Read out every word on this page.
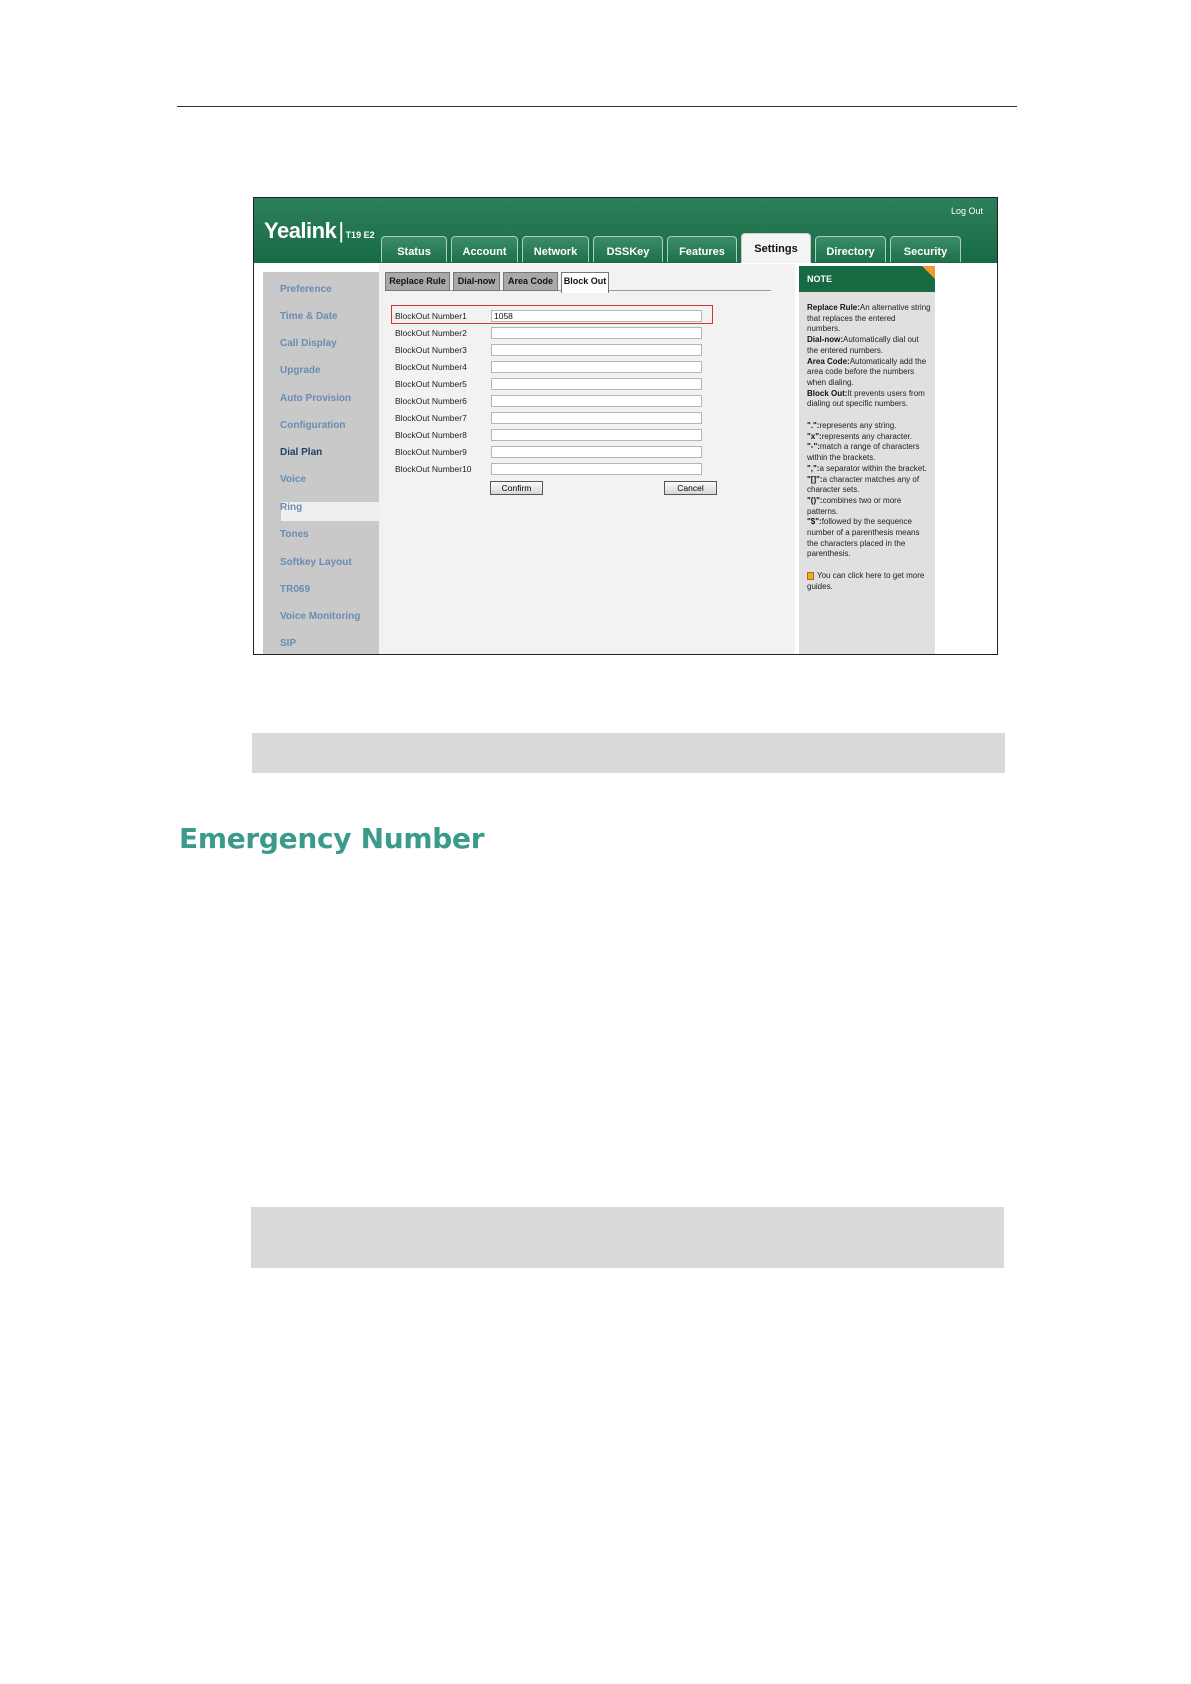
Yealink| T19 E2
Log Out
Status	Account	Network	DSSKey	Features	Settings	Directory	Security
Preference
Time & Date
Call Display
Upgrade
Auto Provision
Configuration
Dial Plan
Voice
Ring
Tones
Softkey Layout
TR069
Voice Monitoring
SIP
Replace Rule	Dial-now	Area Code	Block Out
BlockOut Number1	1058
BlockOut Number2
BlockOut Number3
BlockOut Number4
BlockOut Number5
BlockOut Number6
BlockOut Number7
BlockOut Number8
BlockOut Number9
BlockOut Number10
Confirm	Cancel
NOTE

Replace Rule:An alternative string that replaces the entered numbers.

Dial-now:Automatically dial out the entered numbers.

Area Code:Automatically add the area code before the numbers when dialing.

Block Out:It prevents users from dialing out specific numbers.

".":represents any string.

"x":represents any character.

"-":match a range of characters within the brackets.

",":a separator within the bracket.

"[]":a character matches any of character sets.

"()":combines two or more patterns.

"$":followed by the sequence number of a parenthesis means the characters placed in the parenthesis.

You can click here to get more guides.

Emergency Number
